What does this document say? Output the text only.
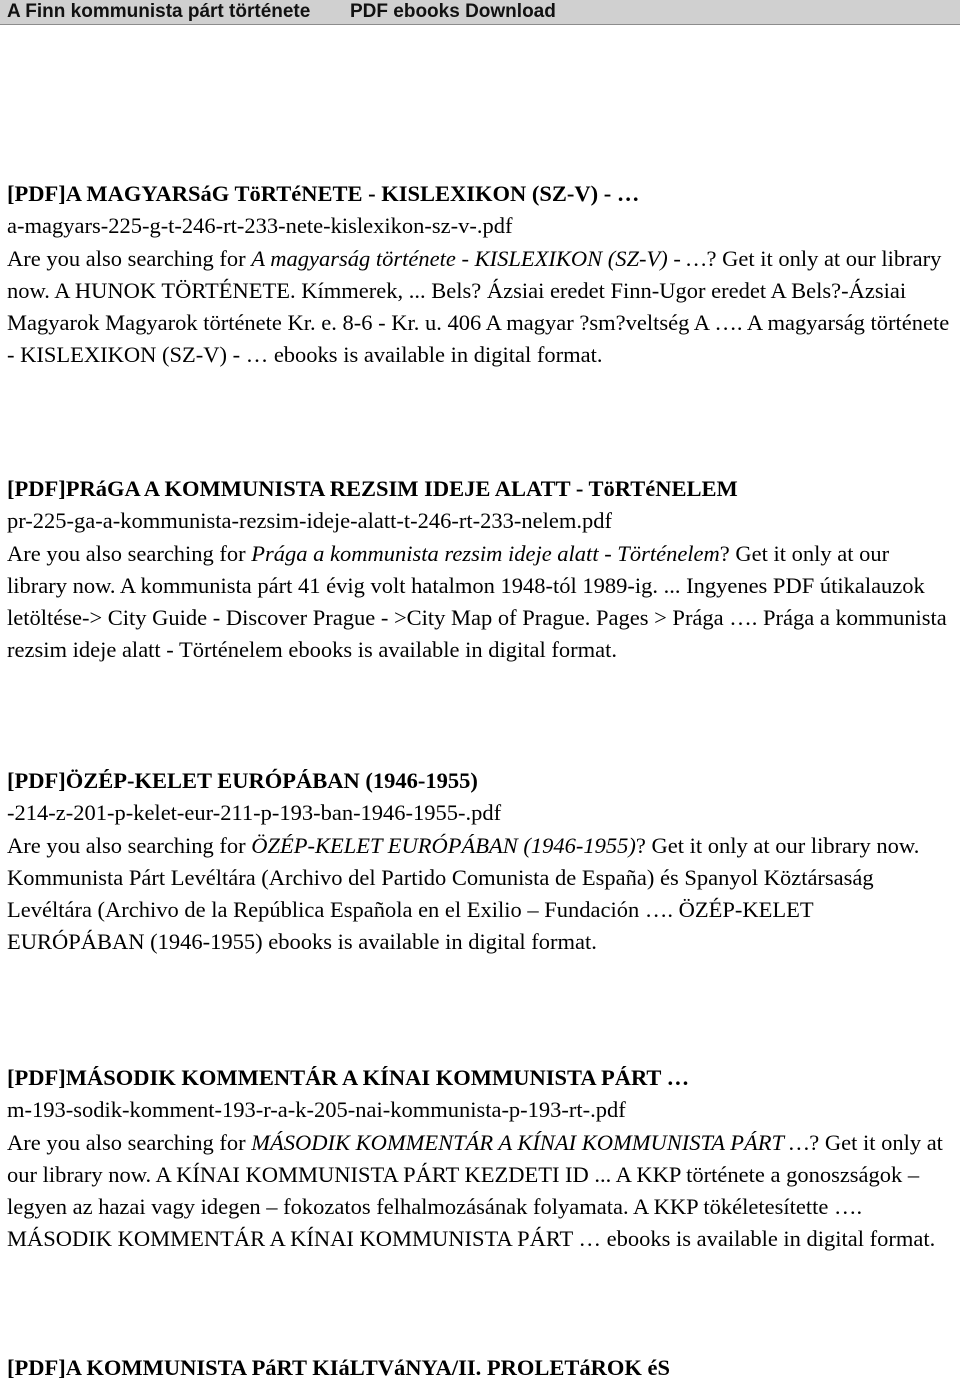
A Finn kommunista párt története PDF ebooks Download

[PDF]A MAGYARSáG TöRTéNETE - KISLEXIKON (SZ-V) - …

a-magyars-225-g-t-246-rt-233-nete-kislexikon-sz-v-.pdf

Are you also searching for A magyarság története - KISLEXIKON (SZ-V) - …? Get it only at our library now. A HUNOK TÖRTÉNETE. Kímmerek, ... Bels? Ázsiai eredet Finn-Ugor eredet A Bels?-Ázsiai Magyarok Magyarok története Kr. e. 8-6 - Kr. u. 406 A magyar ?sm?veltség A …. A magyarság története - KISLEXIKON (SZ-V) - … ebooks is available in digital format.

[PDF]PRáGA A KOMMUNISTA REZSIM IDEJE ALATT - TöRTéNELEM

pr-225-ga-a-kommunista-rezsim-ideje-alatt-t-246-rt-233-nelem.pdf

Are you also searching for Prága a kommunista rezsim ideje alatt - Történelem? Get it only at our library now. A kommunista párt 41 évig volt hatalmon 1948-tól 1989-ig. ... Ingyenes PDF útikalauzok letöltése-> City Guide - Discover Prague - >City Map of Prague. Pages > Prága …. Prága a kommunista rezsim ideje alatt - Történelem ebooks is available in digital format.

[PDF]ÖZÉP-KELET EURÓPÁBAN (1946-1955)

-214-z-201-p-kelet-eur-211-p-193-ban-1946-1955-.pdf

Are you also searching for ÖZÉP-KELET EURÓPÁBAN (1946-1955)? Get it only at our library now. Kommunista Párt Levéltára (Archivo del Partido Comunista de España) és Spanyol Köztársaság Levéltára (Archivo de la República Española en el Exilio – Fundación …. ÖZÉP-KELET EURÓPÁBAN (1946-1955) ebooks is available in digital format.

[PDF]MÁSODIK KOMMENTÁR A KÍNAI KOMMUNISTA PÁRT …

m-193-sodik-komment-193-r-a-k-205-nai-kommunista-p-193-rt-.pdf

Are you also searching for MÁSODIK KOMMENTÁR A KÍNAI KOMMUNISTA PÁRT …? Get it only at our library now. A KÍNAI KOMMUNISTA PÁRT KEZDETI ID ... A KKP története a gonoszságok – legyen az hazai vagy idegen – fokozatos felhalmozásának folyamata. A KKP tökéletesítette …. MÁSODIK KOMMENTÁR A KÍNAI KOMMUNISTA PÁRT … ebooks is available in digital format.

[PDF]A KOMMUNISTA PáRT KIáLTVáNYA/II. PROLETáROK éS
